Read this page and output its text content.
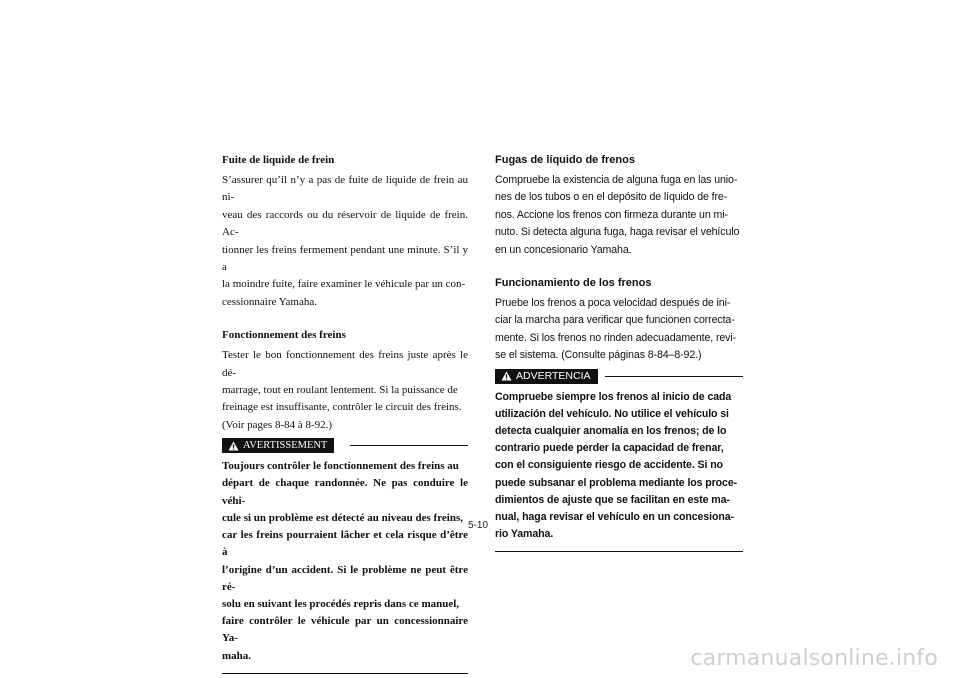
Fuite de liquide de frein

S’assurer qu’il n’y a pas de fuite de liquide de frein au ni-
veau des raccords ou du réservoir de liquide de frein. Ac-
tionner les freins fermement pendant une minute. S’il y a
la moindre fuite, faire examiner le véhicule par un con-
cessionnaire Yamaha.

Fonctionnement des freins

Tester le bon fonctionnement des freins juste après le dé-
marrage, tout en roulant lentement. Si la puissance de
freinage est insuffisante, contrôler le circuit des freins.
(Voir pages 8-84 à 8-92.)

AVERTISSEMENT

Toujours contrôler le fonctionnement des freins au
départ de chaque randonnée. Ne pas conduire le véhi-
cule si un problème est détecté au niveau des freins,
car les freins pourraient lâcher et cela risque d’être à
l’origine d’un accident. Si le problème ne peut être ré-
solu en suivant les procédés repris dans ce manuel,
faire contrôler le véhicule par un concessionnaire Ya-
maha.

Fugas de líquido de frenos

Compruebe la existencia de alguna fuga en las unio-
nes de los tubos o en el depósito de líquido de fre-
nos. Accione los frenos con firmeza durante un mi-
nuto. Si detecta alguna fuga, haga revisar el vehículo
en un concesionario Yamaha.

Funcionamiento de los frenos

Pruebe los frenos a poca velocidad después de ini-
ciar la marcha para verificar que funcionen correcta-
mente. Si los frenos no rinden adecuadamente, revi-
se el sistema. (Consulte páginas 8-84–8-92.)

ADVERTENCIA

Compruebe siempre los frenos al inicio de cada
utilización del vehículo. No utilice el vehículo si
detecta cualquier anomalía en los frenos; de lo
contrario puede perder la capacidad de frenar,
con el consiguiente riesgo de accidente. Si no
puede subsanar el problema mediante los proce-
dimientos de ajuste que se facilitan en este ma-
nual, haga revisar el vehículo en un concesiona-
rio Yamaha.

5-10
carmanualsonline.info
